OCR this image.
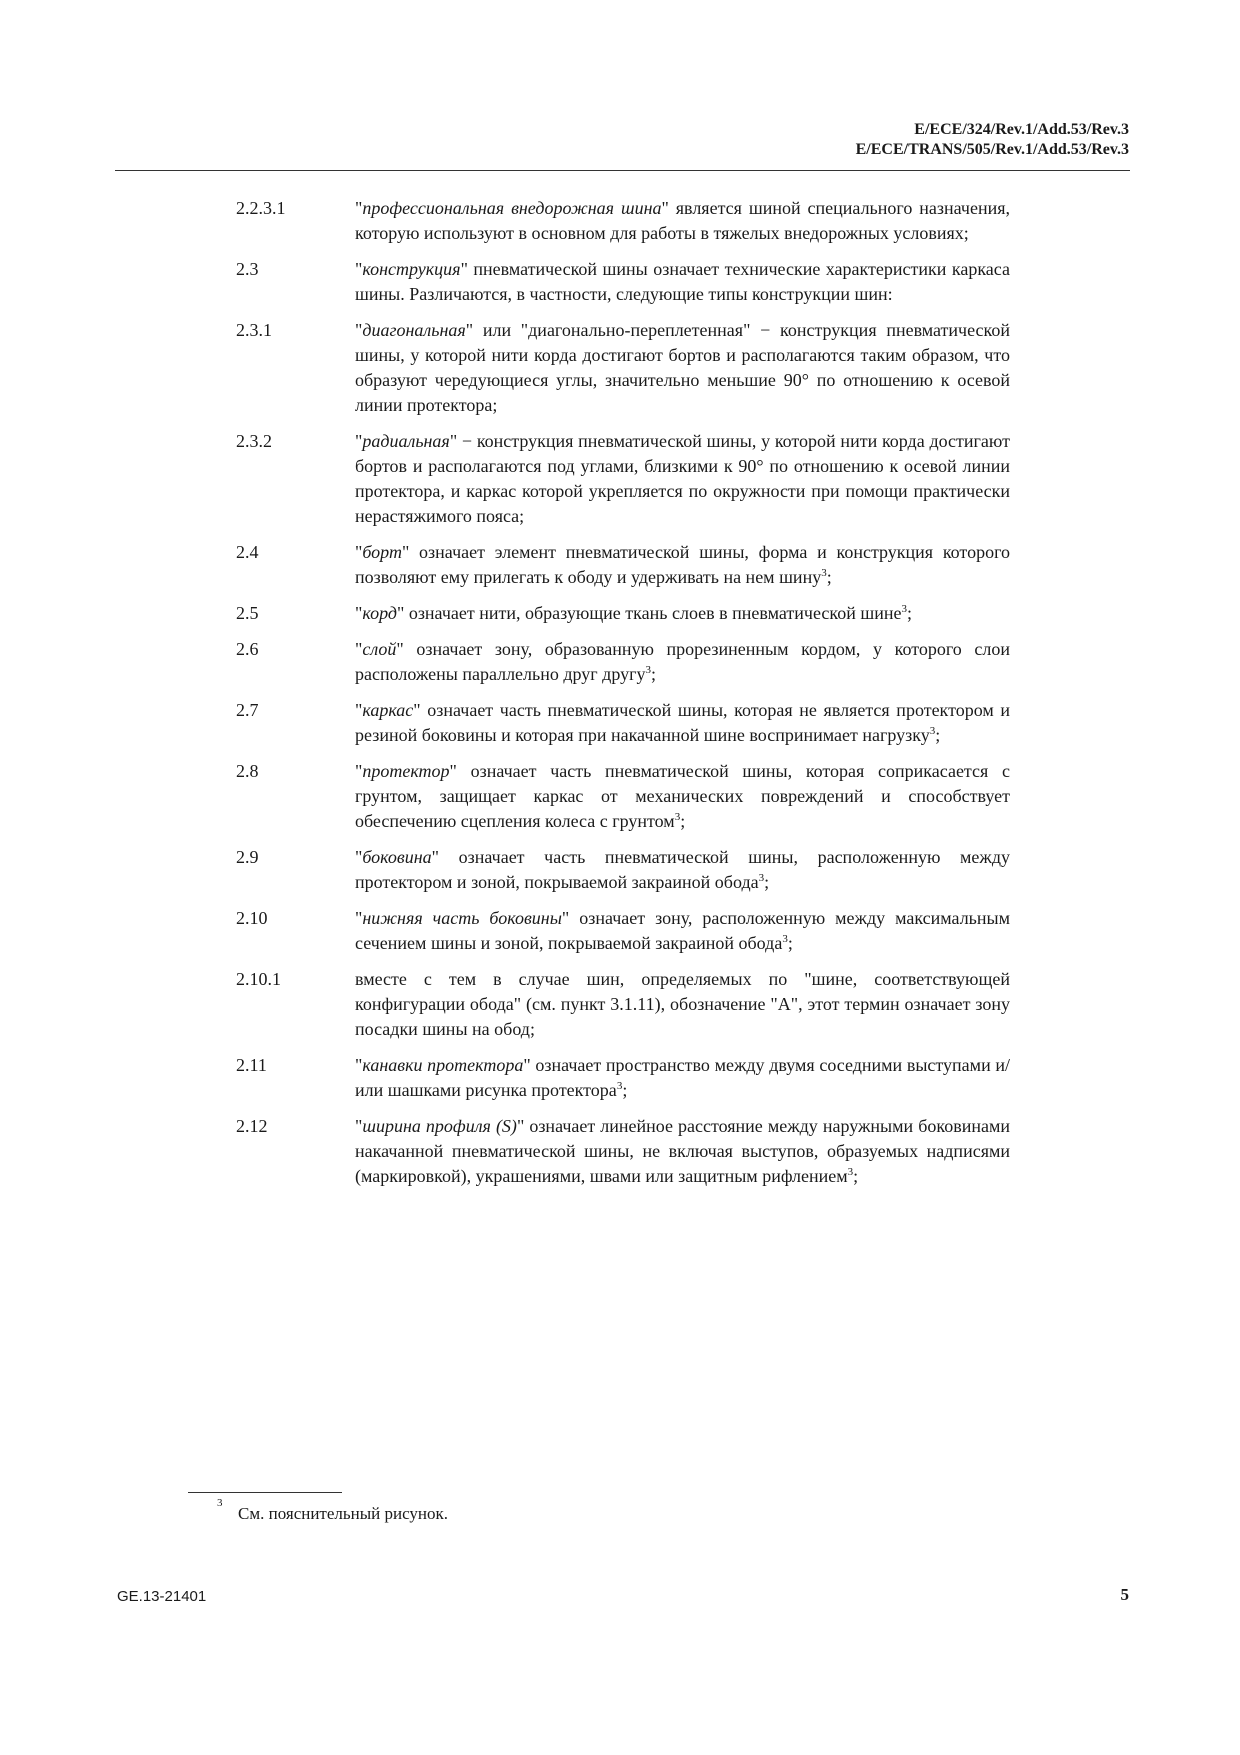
E/ECE/324/Rev.1/Add.53/Rev.3
E/ECE/TRANS/505/Rev.1/Add.53/Rev.3
2.2.3.1	"профессиональная внедорожная шина" является шиной специального назначения, которую используют в основном для работы в тяжелых внедорожных условиях;
2.3	"конструкция" пневматической шины означает технические характеристики каркаса шины. Различаются, в частности, следующие типы конструкции шин:
2.3.1	"диагональная" или "диагонально-переплетенная" − конструкция пневматической шины, у которой нити корда достигают бортов и располагаются таким образом, что образуют чередующиеся углы, значительно меньшие 90° по отношению к осевой линии протектора;
2.3.2	"радиальная" − конструкция пневматической шины, у которой нити корда достигают бортов и располагаются под углами, близкими к 90° по отношению к осевой линии протектора, и каркас которой укрепляется по окружности при помощи практически нерастяжимого пояса;
2.4	"борт" означает элемент пневматической шины, форма и конструкция которого позволяют ему прилегать к ободу и удерживать на нем шину$^3$;
2.5	"корд" означает нити, образующие ткань слоев в пневматической шине$^3$;
2.6	"слой" означает зону, образованную прорезиненным кордом, у которого слои расположены параллельно друг другу$^3$;
2.7	"каркас" означает часть пневматической шины, которая не является протектором и резиной боковины и которая при накачанной шине воспринимает нагрузку$^3$;
2.8	"протектор" означает часть пневматической шины, которая соприкасается с грунтом, защищает каркас от механических повреждений и способствует обеспечению сцепления колеса с грунтом$^3$;
2.9	"боковина" означает часть пневматической шины, расположенную между протектором и зоной, покрываемой закраиной обода$^3$;
2.10	"нижняя часть боковины" означает зону, расположенную между максимальным сечением шины и зоной, покрываемой закраиной обода$^3$;
2.10.1	вместе с тем в случае шин, определяемых по "шине, соответствующей конфигурации обода" (см. пункт 3.1.11), обозначение "A", этот термин означает зону посадки шины на обод;
2.11	"канавки протектора" означает пространство между двумя соседними выступами и/или шашками рисунка протектора$^3$;
2.12	"ширина профиля (S)" означает линейное расстояние между наружными боковинами накачанной пневматической шины, не включая выступов, образуемых надписями (маркировкой), украшениями, швами или защитным рифлением$^3$;
3
См. пояснительный рисунок.
GE.13-21401	5
